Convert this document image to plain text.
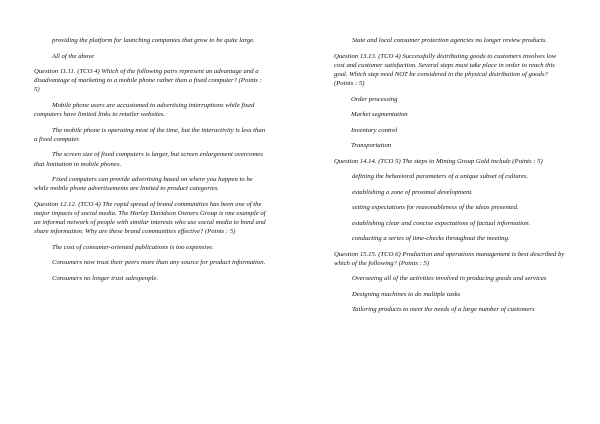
providing the platform for launching companies that grow to be quite large.

All of the above

Question 11.11. (TCO 4) Which of the following pairs represent an advantage and a disadvantage of marketing to a mobile phone rather than a fixed computer? (Points : 5)

Mobile phone users are accustomed to advertising interruptions while fixed computers have limited links to retailer websites.

The mobile phone is operating most of the time, but the interactivity is less than a fixed computer.

The screen size of fixed computers is larger, but screen enlargement overcomes that limitation in mobile phones.

Fixed computers can provide advertising based on where you happen to be while mobile phone advertisements are limited to product categories.

Question 12.12. (TCO 4) The rapid spread of brand communities has been one of the major impacts of social media. The Harley Davidson Owners Group is one example of an informal network of people with similar interests who use social media to bond and share information. Why are these brand communities effective? (Points : 5)

The cost of consumer-oriented publications is too expensive.

Consumers now trust their peers more than any source for product information.

Consumers no longer trust salespeople.

State and local consumer protection agencies no longer review products.

Question 13.13. (TCO 4) Successfully distributing goods to customers involves low cost and customer satisfaction. Several steps must take place in order to reach this goal. Which step need NOT be considered in the physical distribution of goods? (Points : 5)

Order processing

Market segmentation

Inventory control

Transportation

Question 14.14. (TCO 5) The steps to Mining Group Gold include (Points : 5)

defining the behavioral parameters of a unique subset of cultures.

establishing a zone of proximal development.

setting expectations for reasonableness of the ideas presented.

establishing clear and concise expectations of factual information.

conducting a series of time-checks throughout the meeting.

Question 15.15. (TCO 6) Production and operations management is best described by which of the following? (Points : 5)

Overseeing all of the activities involved in producing goods and services

Designing machines to do multiple tasks

Tailoring products to meet the needs of a large number of customers
